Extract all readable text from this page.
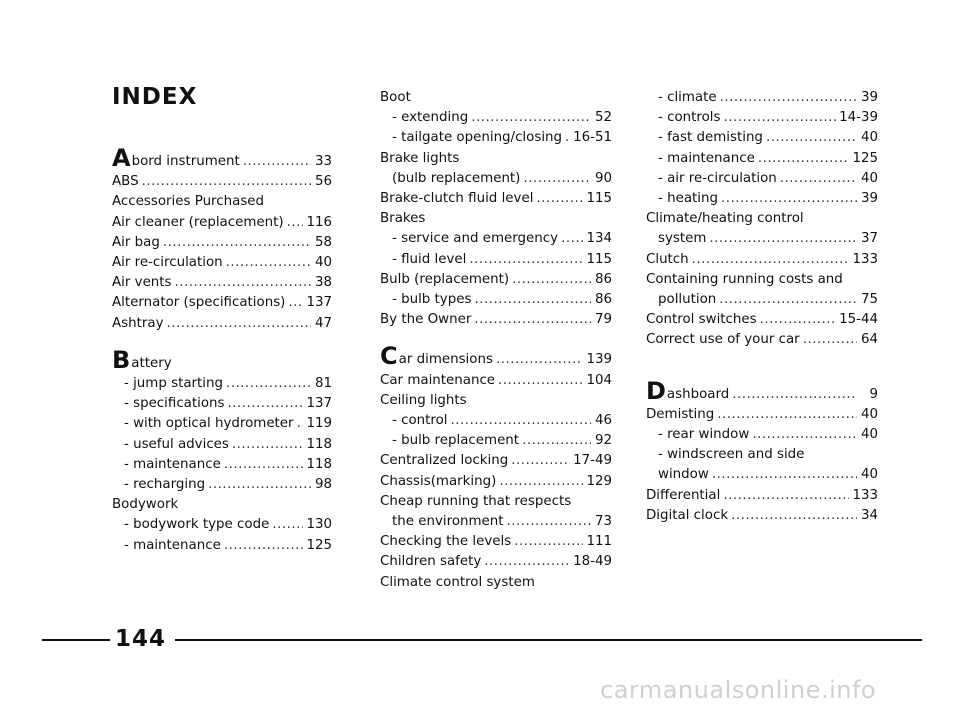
INDEX
Abord instrument .....	33
ABS .....	56
Accessories Purchased
Air cleaner (replacement) ..... 116
Air bag .....	58
Air re-circulation .....	40
Air vents .....	38
Alternator (specifications) ..... 137
Ashtray .....	47
Battery
- jump starting .....	81
- specifications .....	137
- with optical hydrometer ..... 119
- useful advices .....	118
- maintenance .....	118
- recharging .....	98
Bodywork
- bodywork type code .....	130
- maintenance .....	125
Boot
- extending .....	52
- tailgate opening/closing ..... 16-51
Brake lights
(bulb replacement) .....	90
Brake-clutch fluid level .....	115
Brakes
- service and emergency ..... 134
- fluid level .....	115
Bulb (replacement) .....	86
- bulb types .....	86
By the Owner .....	79
Car dimensions .....	139
Car maintenance .....	104
Ceiling lights
- control .....	46
- bulb replacement .....	92
Centralized locking .....	17-49
Chassis(marking) .....	129
Cheap running that respects
the environment .....	73
Checking the levels .....	111
Children safety .....	18-49
Climate control system
- climate .....	39
- controls .....	14-39
- fast demisting .....	40
- maintenance .....	125
- air re-circulation .....	40
- heating .....	39
Climate/heating control
system .....	37
Clutch .....	133
Containing running costs and
pollution .....	75
Control switches .....	15-44
Correct use of your car .....	64
Dashboard .....	9
Demisting .....	40
- rear window .....	40
- windscreen and side
window .....	40
Differential .....	133
Digital clock .....	34
144
carmanualsonline.info
